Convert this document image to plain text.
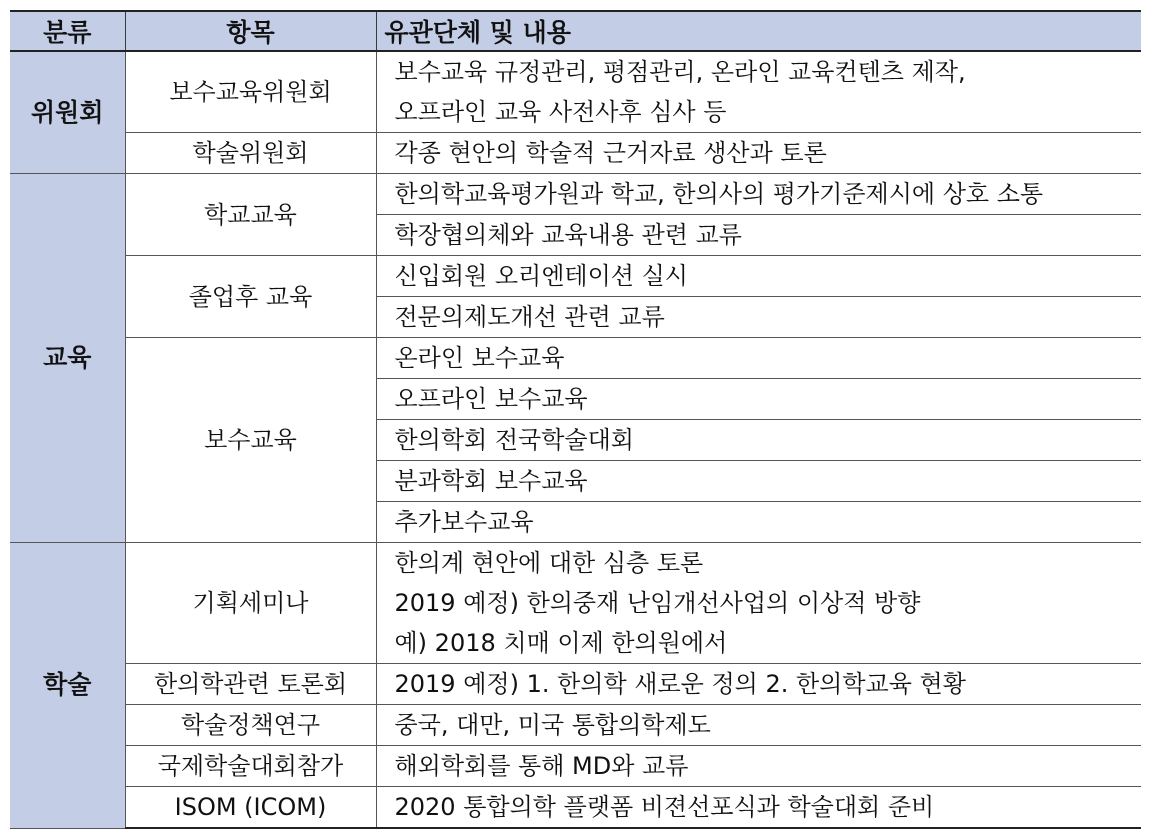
분류	항목	유관단체 및 내용
위원회	보수교육위원회	보수교육 규정관리, 평점관리, 온라인 교육컨텐츠 제작,
오프라인 교육 사전사후 심사 등

	학술위원회	각종 현안의 학술적 근거자료 생산과 토론
교육	학교교육	한의학교육평가원과 학교, 한의사의 평가기준제시에 상호 소통
		학장협의체와 교육내용 관련 교류
	졸업후 교육	신입회원 오리엔테이션 실시
		전문의제도개선 관련 교류
	보수교육	온라인 보수교육
		오프라인 보수교육
		한의학회 전국학술대회
		분과학회 보수교육
		추가보수교육
학술	기획세미나	한의계 현안에 대한 심층 토론
2019 예정) 한의중재 난임개선사업의 이상적 방향
예) 2018 치매 이제 한의원에서

	한의학관련 토론회	2019 예정) 1. 한의학 새로운 정의 2. 한의학교육 현황
	학술정책연구	중국, 대만, 미국 통합의학제도
	국제학술대회참가	해외학회를 통해 MD와 교류
	ISOM (ICOM)	2020 통합의학 플랫폼 비젼선포식과 학술대회 준비
